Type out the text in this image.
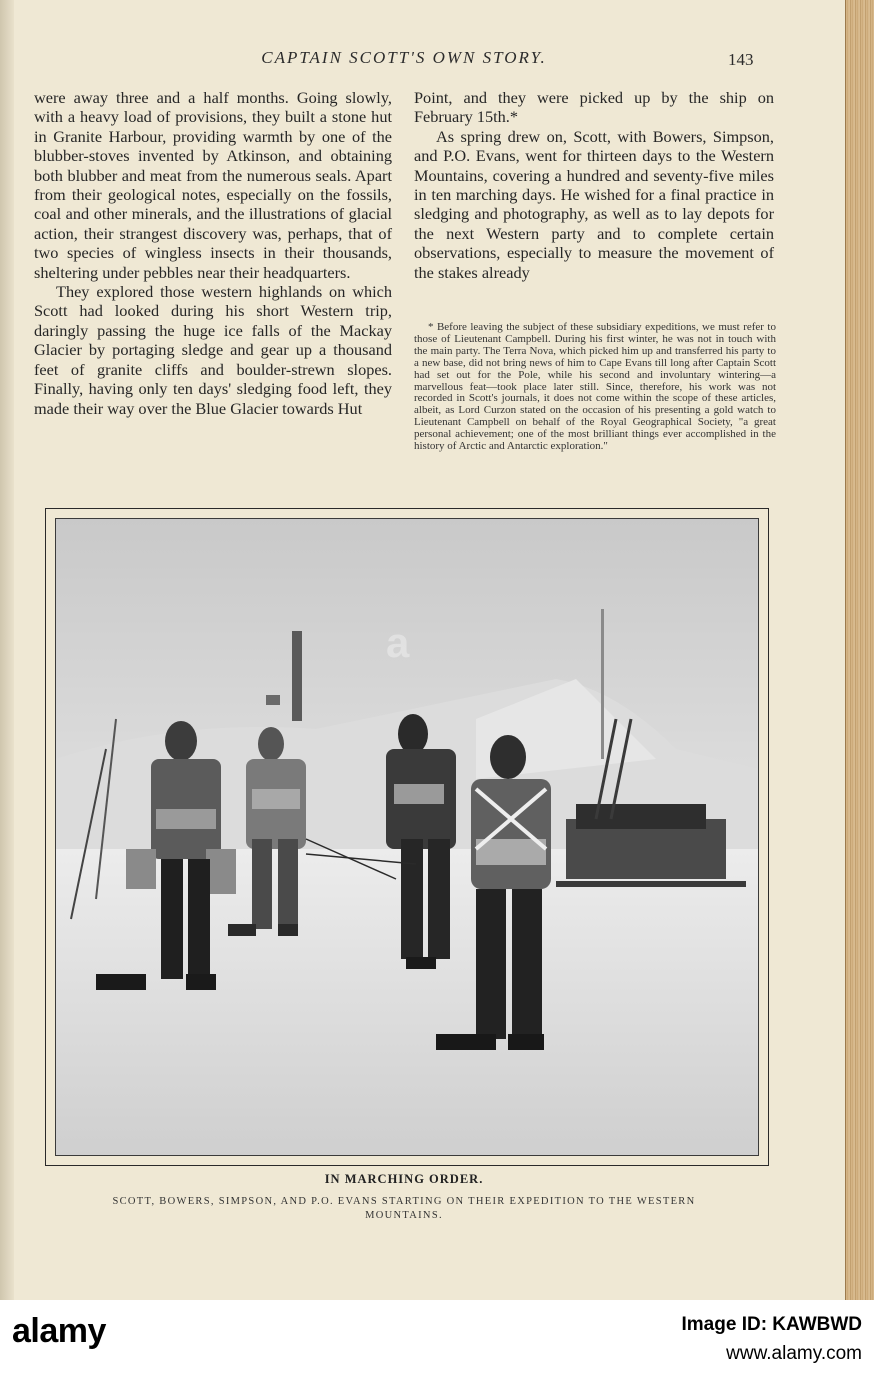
CAPTAIN SCOTT'S OWN STORY.	143

were away three and a half months. Going slowly, with a heavy load of provisions, they built a stone hut in Granite Harbour, providing warmth by one of the blubber-stoves invented by Atkinson, and obtaining both blubber and meat from the numerous seals. Apart from their geological notes, especially on the fossils, coal and other minerals, and the illustrations of glacial action, their strangest discovery was, perhaps, that of two species of wingless insects in their thousands, sheltering under pebbles near their headquarters.

They explored those western highlands on which Scott had looked during his short Western trip, daringly passing the huge ice falls of the Mackay Glacier by portaging sledge and gear up a thousand feet of granite cliffs and boulder-strewn slopes. Finally, having only ten days' sledging food left, they made their way over the Blue Glacier towards Hut

Point, and they were picked up by the ship on February 15th.*

As spring drew on, Scott, with Bowers, Simpson, and P.O. Evans, went for thirteen days to the Western Mountains, covering a hundred and seventy-five miles in ten marching days. He wished for a final practice in sledging and photography, as well as to lay depots for the next Western party and to complete certain observations, especially to measure the movement of the stakes already

* Before leaving the subject of these subsidiary expeditions, we must refer to those of Lieutenant Campbell. During his first winter, he was not in touch with the main party. The Terra Nova, which picked him up and transferred his party to a new base, did not bring news of him to Cape Evans till long after Captain Scott had set out for the Pole, while his second and involuntary wintering—a marvellous feat—took place later still. Since, therefore, his work was not recorded in Scott's journals, it does not come within the scope of these articles, albeit, as Lord Curzon stated on the occasion of his presenting a gold watch to Lieutenant Campbell on behalf of the Royal Geographical Society, "a great personal achievement; one of the most brilliant things ever accomplished in the history of Arctic and Antarctic exploration."
a
IN MARCHING ORDER.
SCOTT, BOWERS, SIMPSON, AND P.O. EVANS STARTING ON THEIR EXPEDITION TO THE WESTERN MOUNTAINS.
alamy	Image ID: KAWBWD
www.alamy.com
